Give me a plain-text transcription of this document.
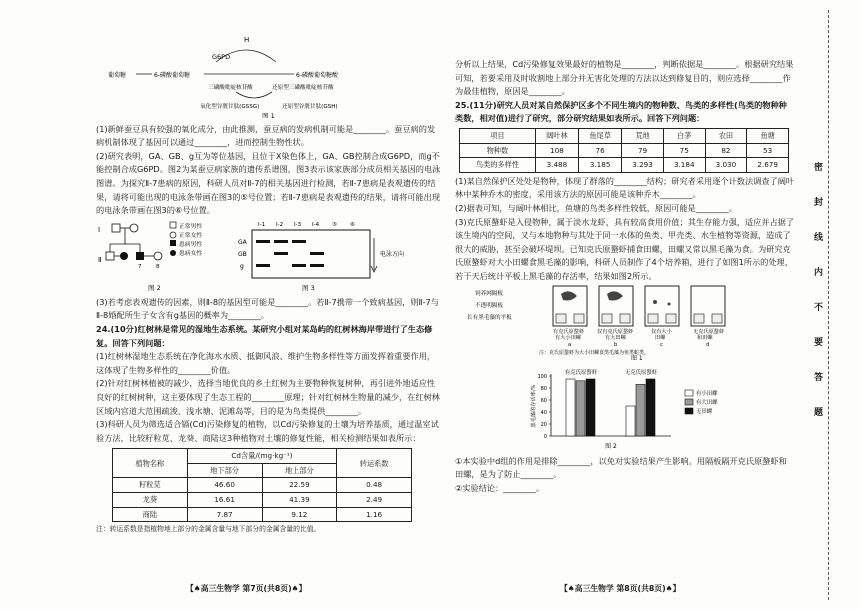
H
G6PD
葡萄糖	6-磷酸葡萄糖	6-磷酸葡萄糖酸
三磷酸吡啶核苷酸	还原型三磷酸吡啶核苷酸
氧化型谷胱甘肽(GSSG)	还原型谷胱甘肽(GSH)
图 1

(1)新鲜蚕豆具有较强的氧化成分，由此推测，蚕豆病的发病机制可能是________。蚕豆病的发病机制体现了基因可以通过________，进而控制生物性状。

(2)研究表明，GA、GB、g互为等位基因，且位于X染色体上，GA、GB控制合成G6PD，而g不能控制合成G6PD。图2为某蚕豆病家族的遗传系谱图，图3表示该家族部分成员相关基因的电泳图谱。为探究Ⅱ-7患病的原因，科研人员对Ⅱ-7的相关基因进行检测，若Ⅱ-7患病是表观遗传的结果，请将可能出现的电泳条带画在图3的⑤号位置；若Ⅱ-7患病是表观遗传的结果，请将可能出现的电泳条带画在图3的⑥号位置。

Ⅰ
Ⅱ
7	8
正常男性
正常女性
患病男性
患病女性
图 2
Ⅰ-1 Ⅰ-2 Ⅰ-3 Ⅰ-4 ⑤ ⑥
GA
GB
g
电泳方向
图 3

(3)若考虑表观遗传的因素，则Ⅱ-8的基因型可能是________。若Ⅱ-7携带一个致病基因，则Ⅱ-7与Ⅱ-8婚配所生子女含有g基因的概率为________。

24.(10分)红树林是常见的湿地生态系统。某研究小组对某岛屿的红树林海岸带进行了生态修复。回答下列问题：

(1)红树林湿地生态系统在净化海水水质、抵御风浪、维护生物多样性等方面发挥着重要作用，这体现了生物多样性的________价值。

(2)针对红树林植被的减少，选择当地优良的乡土红树为主要物种恢复树种，再引进外地适应性良好的红树树种，这主要体现了生态工程的________原理；针对红树林生物量的减少，在红树林区域内官道大范围疏浚、浅水塘、泥滩岛等，目的是为鸟类提供________。

(3)科研人员为筛选适合镉(Cd)污染修复的植物，以Cd污染修复的土壤为培养基质，通过温室试验方法，比较籽粒苋、龙葵、商陆这3种植物对土壤的修复性能，相关检测结果如表所示：

植物名称	Cd含量/(mg·kg⁻¹)		转运系数
	地下部分	地上部分	
籽粒苋	46.60	22.59	0.48
龙葵	16.61	41.39	2.49
商陆	7.87	9.12	1.16

注：转运系数是指植物地上部分的金属含量与地下部分的金属含量的比值。

【♠高三生物学 第7页(共8页)♠】

分析以上结果，Cd污染修复效果最好的植物是________，判断依据是________。根据研究结果可知，若要采用及时收割地上部分并无害化处理的方法以达到修复目的，则应选择________作为最佳植物，原因是________。

25.(11分)研究人员对某自然保护区多个不同生境内的物种数、鸟类的多样性(鸟类的物种种类数，相对值)进行了研究，部分研究结果如表所示。回答下列问题：

项目	阔叶林	鱼尾草	荒地	白茅	农田	鱼塘
物种数	108	76	79	75	82	53
鸟类的多样性	3.488	3.185	3.293	3.184	3.030	2.679

(1)某自然保护区处处是物种，体现了群落的________结构；研究者采用逐个计数法调查了阔叶林中某种乔木的密度，采用该方法的原因可能是该种乔木________。

(2)据表可知，与阔叶林相比，鱼塘的鸟类多样性较低，原因可能是________。

(3)克氏原螯虾是入侵物种，属于淡水龙虾，具有较高食用价值；其生存能力强，适应并占据了该生境内的空间，又与本地物种与其处于同一水体的鱼类、甲壳类、水生植物等资源，造成了很大的威胁，甚至会破坏堤坝。已知克氏原螯虾捕食田螺，田螺又常以黑毛藻为食。为研究克氏原螯虾对大小田螺食黑毛藻的影响，科研人员制作了4个培养箱，进行了如图1所示的处理，若干天后统计平板上黑毛藻的存活率，结果如图2所示。

饲养网隔板
不透明隔板
长有黑毛藻的平板
有克氏原螯虾
有大小田螺
a
仅有克氏原螯虾
有大田螺
b
仅有大小
田螺
c
无克氏原螯虾
和田螺
d
注：克氏原螯虾为大小田螺食黑毛藻为鱼类蛇类。
图 1

0
20
40
60
80
100
黑毛藻的存活率/%
有克氏原螯虾	无克氏原螯虾
有小田螺
有大田螺
无田螺
图 2

①本实验中d组的作用是排除________，以免对实验结果产生影响。用隔板隔开克氏原螯虾和田螺，是为了防止________。

②实验结论：________。

【♠高三生物学 第8页(共8页)♠】
密
封
线
内
不
要
答
题
